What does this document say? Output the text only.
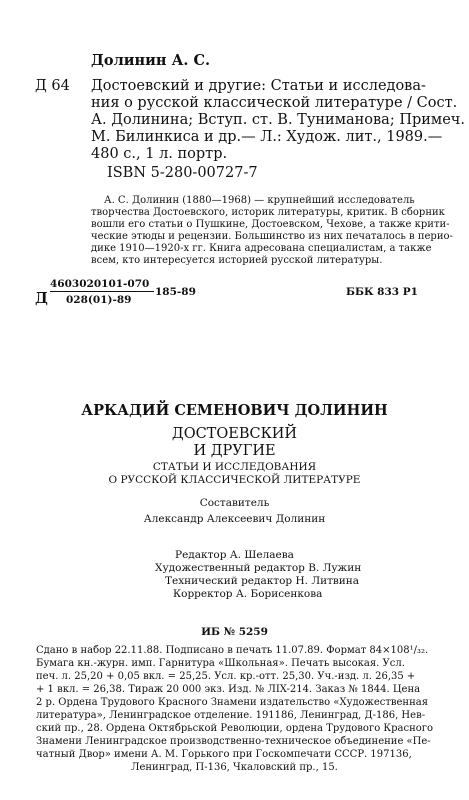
Долинин А. С.
Д 64 Достоевский и другие: Статьи и исследова-
ния о русской классической литературе / Сост.
А. Долинина; Вступ. ст. В. Туниманова; Примеч.
М. Билинкиса и др.— Л.: Худож. лит., 1989.—
480 с., 1 л. портр.
ISBN 5-280-00727-7
А. С. Долинин (1880—1968) — крупнейший исследователь
творчества Достоевского, историк литературы, критик. В сборник
вошли его статьи о Пушкине, Достоевском, Чехове, а также крити-
ческие этюды и рецензии. Большинство из них печаталось в перио-
дике 1910—1920-х гг. Книга адресована специалистам, а также
всем, кто интересуется историей русской литературы.
Д
4603020101-070
028(01)-89
185-89	ББК 833 Р1
АРКАДИЙ СЕМЕНОВИЧ ДОЛИНИН
ДОСТОЕВСКИЙ
И ДРУГИЕ
СТАТЬИ И ИССЛЕДОВАНИЯ
О РУССКОЙ КЛАССИЧЕСКОЙ ЛИТЕРАТУРЕ
Составитель
Александр Алексеевич Долинин
Редактор А. Шелаева
Художественный редактор В. Лужин
Технический редактор Н. Литвина
Корректор А. Борисенкова
ИБ № 5259
Сдано в набор 22.11.88. Подписано в печать 11.07.89. Формат 84×108¹/₃₂.
Бумага кн.-журн. имп. Гарнитура «Школьная». Печать высокая. Усл.
печ. л. 25,20 + 0,05 вкл. = 25,25. Усл. кр.-отт. 25,30. Уч.-изд. л. 26,35 +
+ 1 вкл. = 26,38. Тираж 20 000 экз. Изд. № ЛIX-214. Заказ № 1844. Цена
2 р. Ордена Трудового Красного Знамени издательство «Художественная
литература», Ленинградское отделение. 191186, Ленинград, Д-186, Нев-
ский пр., 28. Ордена Октябрьской Революции, ордена Трудового Красного
Знамени Ленинградское производственно-техническое объединение «Пе-
чатный Двор» имени А. М. Горького при Госкомпечати СССР. 197136,
Ленинград, П-136, Чкаловский пр., 15.
